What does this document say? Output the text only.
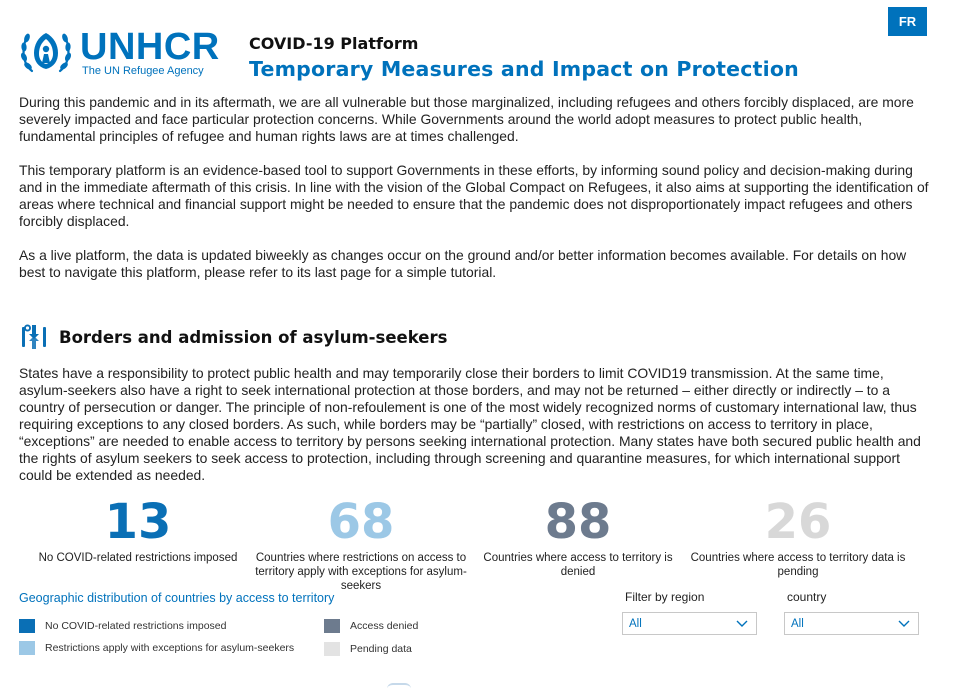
FR
UNHCR
The UN Refugee Agency
COVID-19 Platform
Temporary Measures and Impact on Protection

During this pandemic and in its aftermath, we are all vulnerable but those marginalized, including refugees and others forcibly displaced, are more severely impacted and face particular protection concerns. While Governments around the world adopt measures to protect public health, fundamental principles of refugee and human rights laws are at times challenged.

This temporary platform is an evidence-based tool to support Governments in these efforts, by informing sound policy and decision-making during and in the immediate aftermath of this crisis. In line with the vision of the Global Compact on Refugees, it also aims at supporting the identification of areas where technical and financial support might be needed to ensure that the pandemic does not disproportionately impact refugees and others forcibly displaced.

As a live platform, the data is updated biweekly as changes occur on the ground and/or better information becomes available. For details on how best to navigate this platform, please refer to its last page for a simple tutorial.

Borders and admission of asylum-seekers

States have a responsibility to protect public health and may temporarily close their borders to limit COVID19 transmission. At the same time, asylum-seekers also have a right to seek international protection at those borders, and may not be returned – either directly or indirectly – to a country of persecution or danger. The principle of non-refoulement is one of the most widely recognized norms of customary international law, thus requiring exceptions to any closed borders. As such, while borders may be “partially” closed, with restrictions on access to territory in place, “exceptions” are needed to enable access to territory by persons seeking international protection. Many states have both secured public health and the rights of asylum seekers to seek access to protection, including through screening and quarantine measures, for which international support could be extended as needed.

13
No COVID-related restrictions imposed
68
Countries where restrictions on access to territory apply with exceptions for asylum-seekers
88
Countries where access to territory is denied
26
Countries where access to territory data is pending
Geographic distribution of countries by access to territory
No COVID-related restrictions imposed
Restrictions apply with exceptions for asylum-seekers
Access denied
Pending data
Filter by region
All
country
All
